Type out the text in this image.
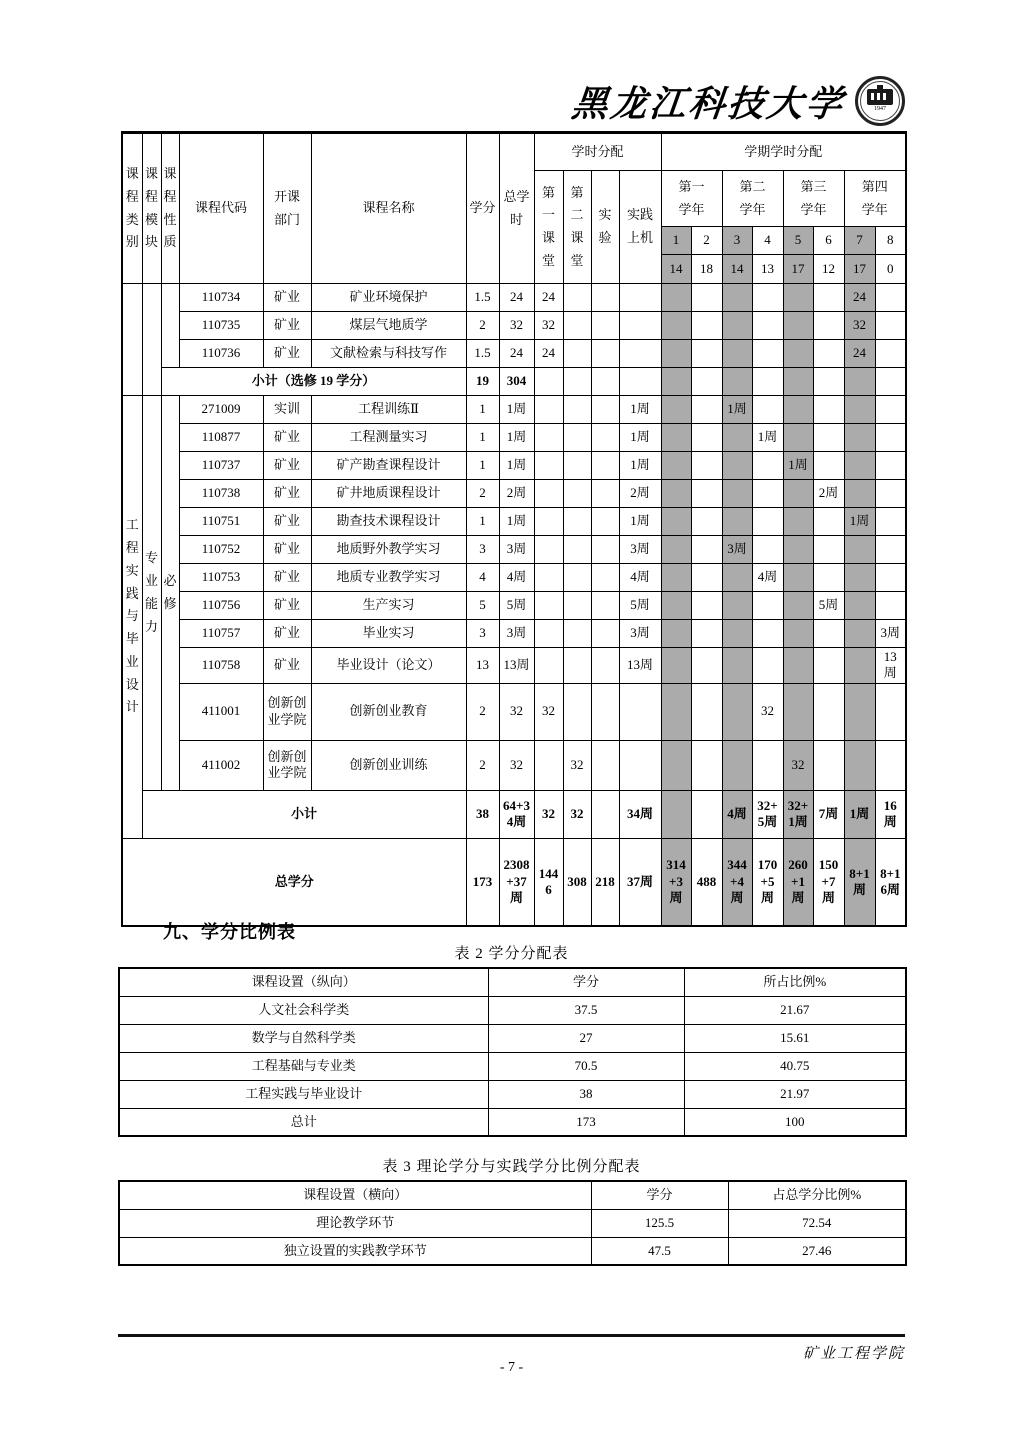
黑龙江科技大学	1947
课程类别	课程模块	课程性质	课程代码	开课部门	课程名称	学分	总学时	学时分配				学期学时分配							

								第一课堂	第二课堂	实验	实践上机	第一学年		第二学年		第三学年		第四学年	

												1	2	3	4	5	6	7	8
												14	18	14	13	17	12	17	0
			110734	矿业	矿业环境保护	1.5	24	24										24	
			110735	矿业	煤层气地质学	2	32	32										32	
			110736	矿业	文献检索与科技写作	1.5	24	24										24	
		小计（选修 19 学分）				19	304												

工程实践与毕业设计	专业能力	必修	271009	实训	工程训练Ⅱ	1	1周				1周			1周					
			110877	矿业	工程测量实习	1	1周				1周				1周				
			110737	矿业	矿产勘查课程设计	1	1周				1周					1周			
			110738	矿业	矿井地质课程设计	2	2周				2周						2周		
			110751	矿业	勘查技术课程设计	1	1周				1周							1周	
			110752	矿业	地质野外教学实习	3	3周				3周			3周					
			110753	矿业	地质专业教学实习	4	4周				4周				4周				
			110756	矿业	生产实习	5	5周				5周						5周		
			110757	矿业	毕业实习	3	3周				3周								3周
			110758	矿业	毕业设计（论文）	13	13周				13周								13周
			411001	创新创业学院	创新创业教育	2	32	32							32				
			411002	创新创业学院	创新创业训练	2	32		32							32			
	小计					38	64+34周	32	32		34周			4周	32+5周	32+1周	7周	1周	16周
总学分						173	2308+37周	1446	308	218	37周	314+3周	488	344+4周	170+5周	260+1周	150+7周	8+1周	8+16周
九、学分比例表
表 2 学分分配表
课程设置（纵向）	学分	所占比例%
人文社会科学类	37.5	21.67
数学与自然科学类	27	15.61
工程基础与专业类	70.5	40.75
工程实践与毕业设计	38	21.97
总计	173	100
表 3 理论学分与实践学分比例分配表
课程设置（横向）	学分	占总学分比例%
理论教学环节	125.5	72.54
独立设置的实践教学环节	47.5	27.46
矿业工程学院
- 7 -
